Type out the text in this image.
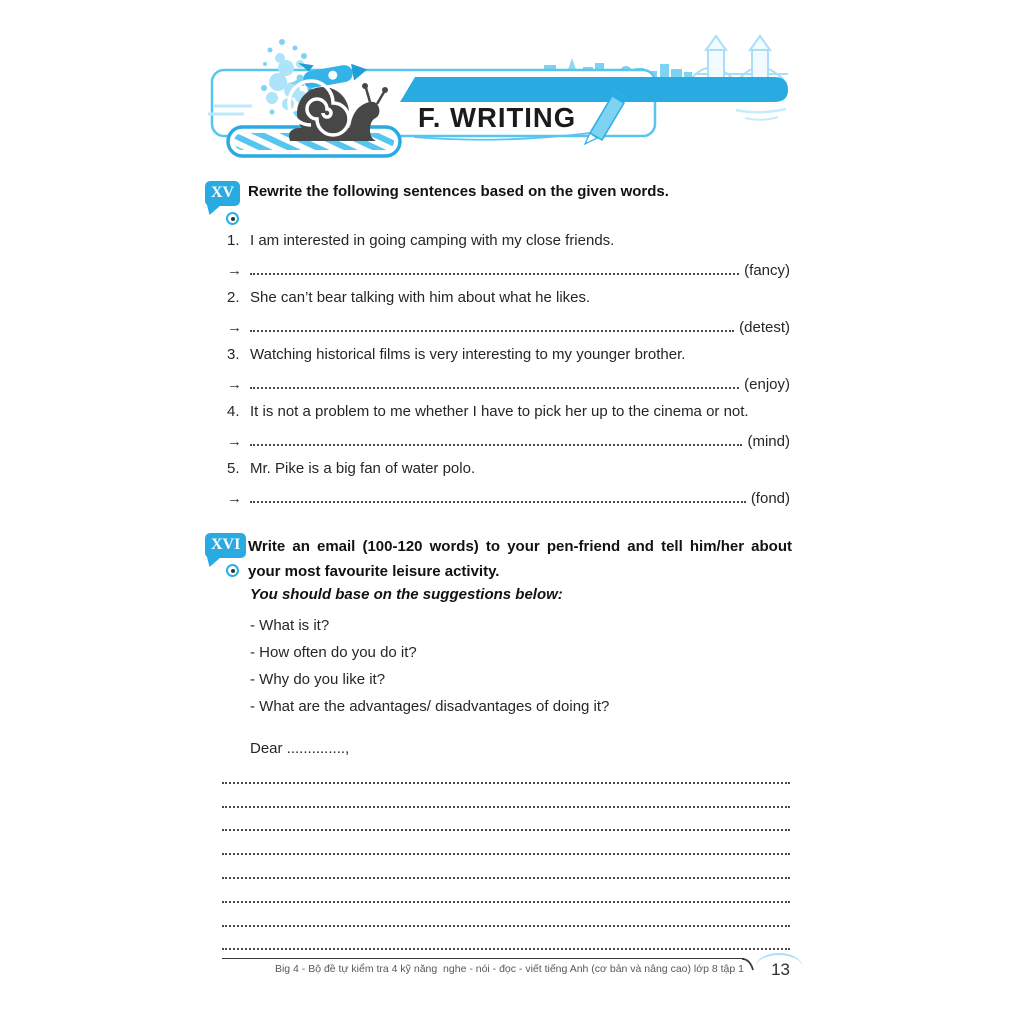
F. WRITING
XV Rewrite the following sentences based on the given words.
1. I am interested in going camping with my close friends.
→	(fancy)
2. She can’t bear talking with him about what he likes.
→	(detest)
3. Watching historical films is very interesting to my younger brother.
→	(enjoy)
4. It is not a problem to me whether I have to pick her up to the cinema or not.
→	(mind)
5. Mr. Pike is a big fan of water polo.
→	(fond)
XVI Write an email (100-120 words) to your pen-friend and tell him/her about your most favourite leisure activity.
You should base on the suggestions below:
- What is it?
- How often do you do it?
- Why do you like it?
- What are the advantages/ disadvantages of doing it?
Dear ..............,
Big 4 - Bộ đề tự kiểm tra 4 kỹ năng  nghe - nói - đọc - viết tiếng Anh (cơ bản và nâng cao) lớp 8 tập 1 13
